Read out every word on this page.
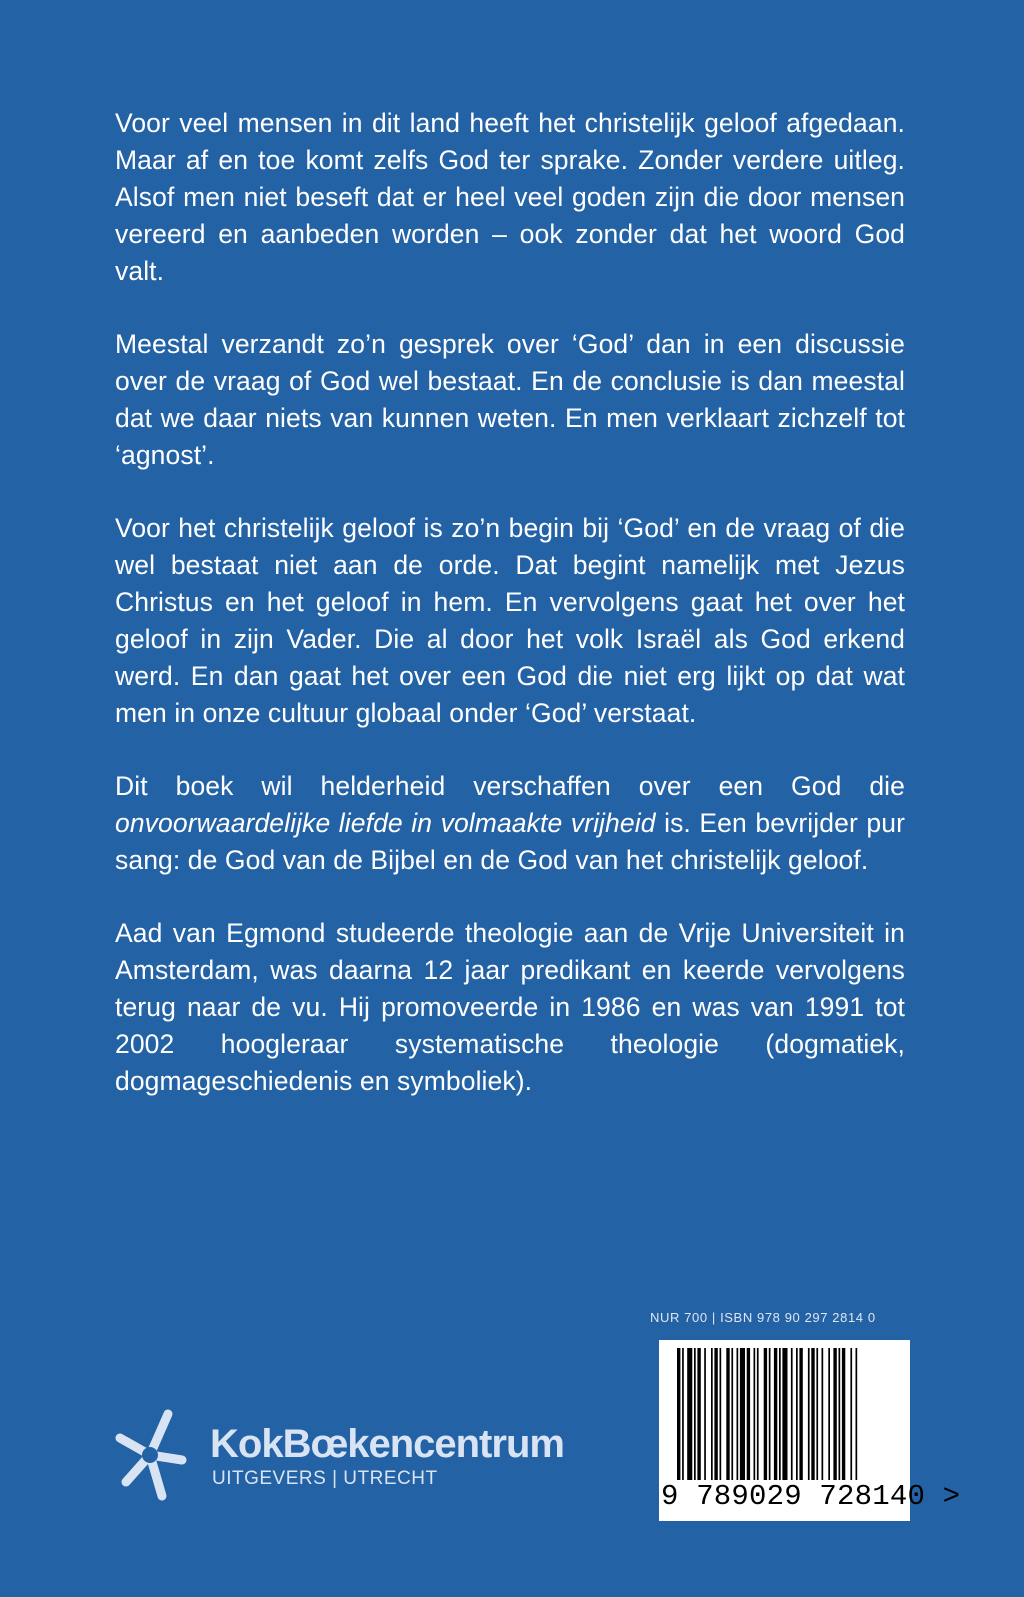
Voor veel mensen in dit land heeft het christelijk geloof afgedaan. Maar af en toe komt zelfs God ter sprake. Zonder verdere uitleg. Alsof men niet beseft dat er heel veel goden zijn die door mensen vereerd en aanbeden worden – ook zonder dat het woord God valt.

Meestal verzandt zo’n gesprek over ‘God’ dan in een discussie over de vraag of God wel bestaat. En de conclusie is dan meestal dat we daar niets van kunnen weten. En men verklaart zichzelf tot ‘agnost’.

Voor het christelijk geloof is zo’n begin bij ‘God’ en de vraag of die wel bestaat niet aan de orde. Dat begint namelijk met Jezus Christus en het geloof in hem. En vervolgens gaat het over het geloof in zijn Vader. Die al door het volk Israël als God erkend werd. En dan gaat het over een God die niet erg lijkt op dat wat men in onze cultuur globaal onder ‘God’ verstaat.

Dit boek wil helderheid verschaffen over een God die onvoorwaardelijke liefde in volmaakte vrijheid is. Een bevrijder pur sang: de God van de Bijbel en de God van het christelijk geloof.

Aad van Egmond studeerde theologie aan de Vrije Universiteit in Amsterdam, was daarna 12 jaar predikant en keerde vervolgens terug naar de vu. Hij promoveerde in 1986 en was van 1991 tot 2002 hoogleraar systematische theologie (dogmatiek, dogmageschiedenis en symboliek).

NUR 700 | ISBN 978 90 297 2814 0
9 789029 728140 >
KokBœkencentrum
UITGEVERS | UTRECHT
